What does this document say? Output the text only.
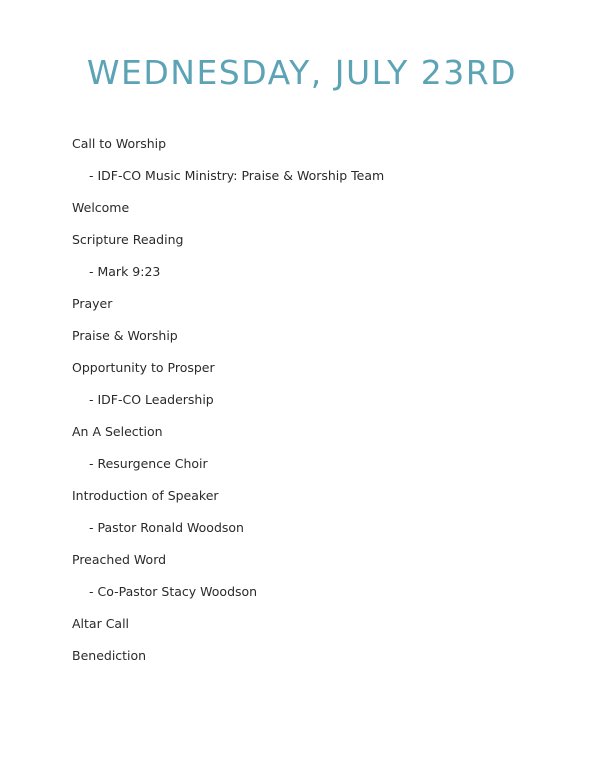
WEDNESDAY, JULY 23RD
Call to Worship
- IDF-CO Music Ministry: Praise & Worship Team
Welcome
Scripture Reading
- Mark 9:23
Prayer
Praise & Worship
Opportunity to Prosper
- IDF-CO Leadership
An A Selection
- Resurgence Choir
Introduction of Speaker
- Pastor Ronald Woodson
Preached Word
- Co-Pastor Stacy Woodson
Altar Call
Benediction
